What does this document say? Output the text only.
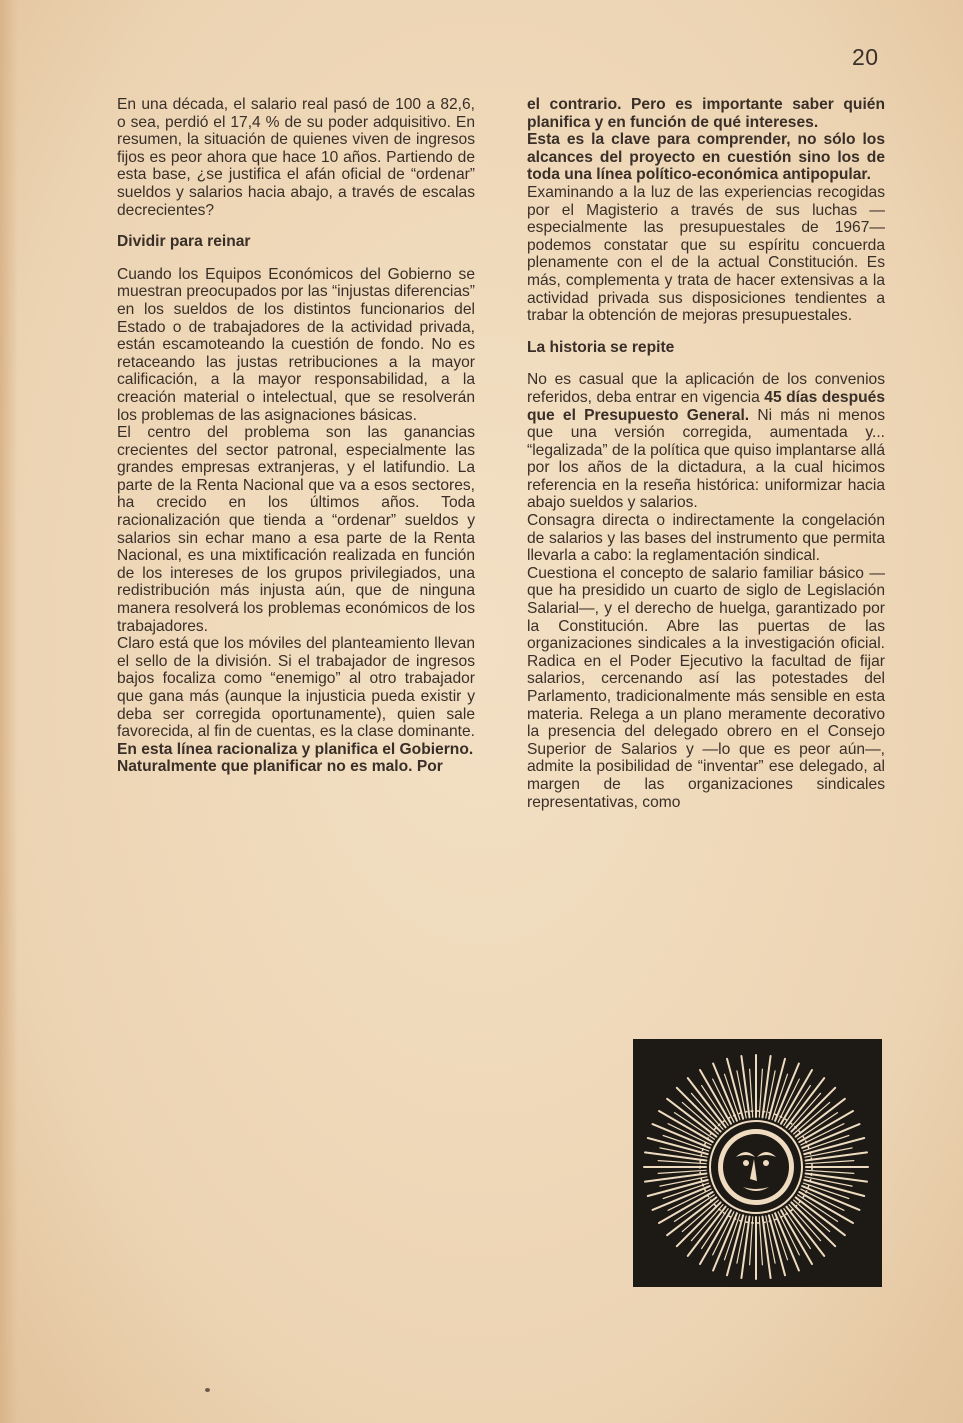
20

En una década, el salario real pasó de 100 a 82,6, o sea, perdió el 17,4 % de su poder adquisitivo. En resumen, la situación de quienes viven de ingresos fijos es peor ahora que hace 10 años. Partiendo de esta base, ¿se justifica el afán oficial de “ordenar” sueldos y salarios hacia abajo, a través de escalas decrecientes?

Dividir para reinar

Cuando los Equipos Económicos del Gobierno se muestran preocupados por las “injustas diferencias” en los sueldos de los distintos funcionarios del Estado o de trabajadores de la actividad privada, están escamoteando la cuestión de fondo. No es retaceando las justas retribuciones a la mayor calificación, a la mayor responsabilidad, a la creación material o intelectual, que se resolverán los problemas de las asignaciones básicas.

El centro del problema son las ganancias crecientes del sector patronal, especialmente las grandes empresas extranjeras, y el latifundio. La parte de la Renta Nacional que va a esos sectores, ha crecido en los últimos años. Toda racionalización que tienda a “ordenar” sueldos y salarios sin echar mano a esa parte de la Renta Nacional, es una mixtificación realizada en función de los intereses de los grupos privilegiados, una redistribución más injusta aún, que de ninguna manera resolverá los problemas económicos de los trabajadores.

Claro está que los móviles del planteamiento llevan el sello de la división. Si el trabajador de ingresos bajos focaliza como “enemigo” al otro trabajador que gana más (aunque la injusticia pueda existir y deba ser corregida oportunamente), quien sale favorecida, al fin de cuentas, es la clase dominante.

En esta línea racionaliza y planifica el Gobierno.

Naturalmente que planificar no es malo. Por

el contrario. Pero es importante saber quién planifica y en función de qué intereses.

Esta es la clave para comprender, no sólo los alcances del proyecto en cuestión sino los de toda una línea político-económica antipopular.

Examinando a la luz de las experiencias recogidas por el Magisterio a través de sus luchas —especialmente las presupuestales de 1967— podemos constatar que su espíritu concuerda plenamente con el de la actual Constitución. Es más, complementa y trata de hacer extensivas a la actividad privada sus disposiciones tendientes a trabar la obtención de mejoras presupuestales.

La historia se repite

No es casual que la aplicación de los convenios referidos, deba entrar en vigencia 45 días después que el Presupuesto General. Ni más ni menos que una versión corregida, aumentada y... “legalizada” de la política que quiso implantarse allá por los años de la dictadura, a la cual hicimos referencia en la reseña histórica: uniformizar hacia abajo sueldos y salarios.

Consagra directa o indirectamente la congelación de salarios y las bases del instrumento que permita llevarla a cabo: la reglamentación sindical.

Cuestiona el concepto de salario familiar básico —que ha presidido un cuarto de siglo de Legislación Salarial—, y el derecho de huelga, garantizado por la Constitución. Abre las puertas de las organizaciones sindicales a la investigación oficial. Radica en el Poder Ejecutivo la facultad de fijar salarios, cercenando así las potestades del Parlamento, tradicionalmente más sensible en esta materia. Relega a un plano meramente decorativo la presencia del delegado obrero en el Consejo Superior de Salarios y —lo que es peor aún—, admite la posibilidad de “inventar” ese delegado, al margen de las organizaciones sindicales representativas, como
